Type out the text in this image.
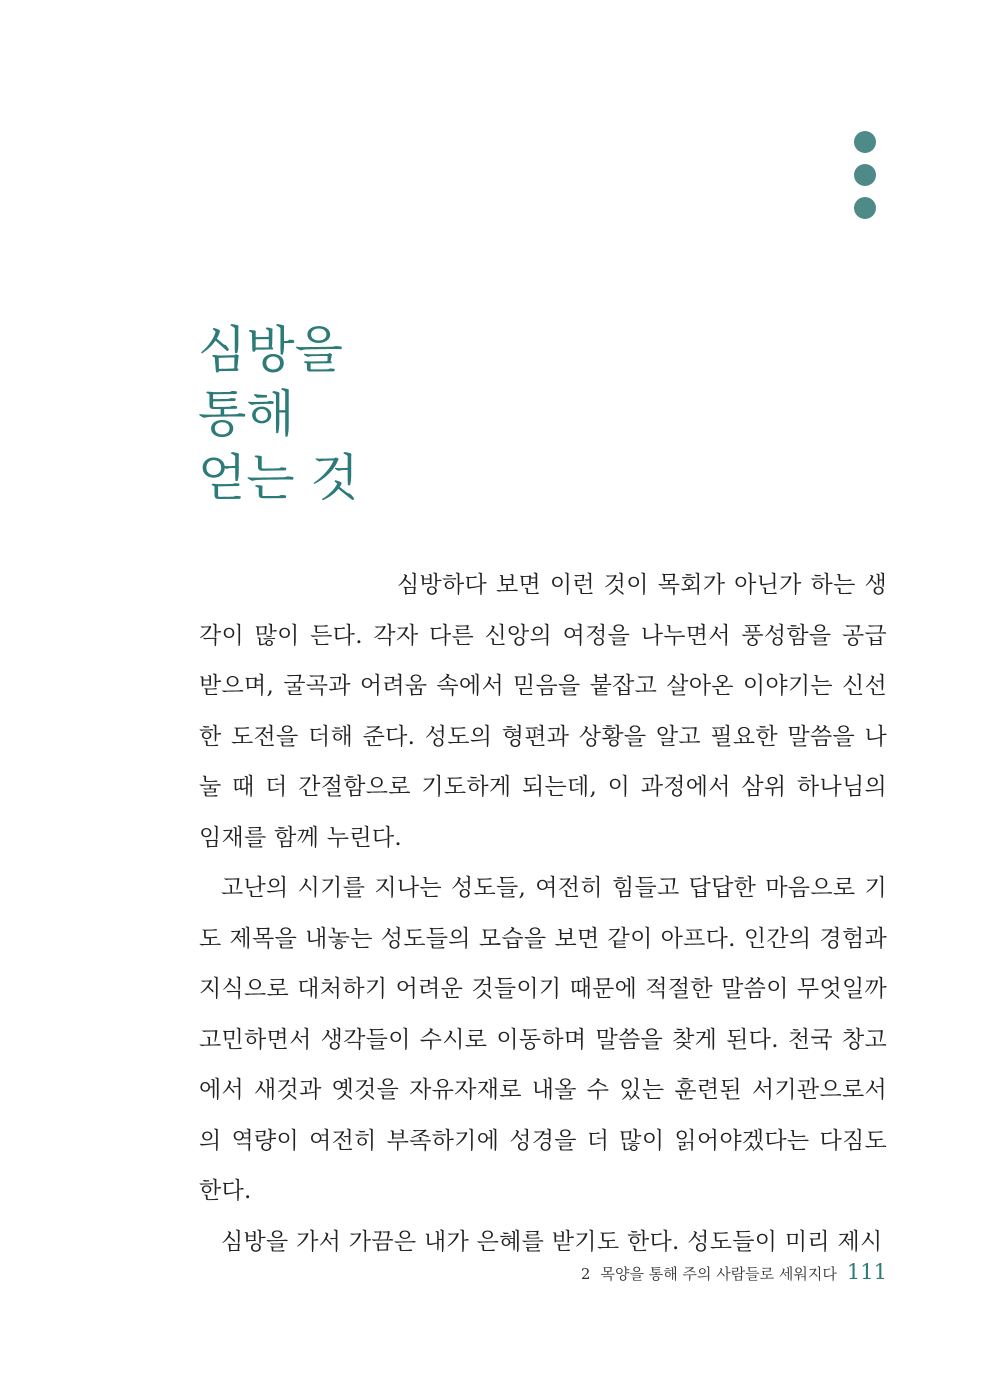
심방을
통해
얻는 것

심방하다 보면 이런 것이 목회가 아닌가 하는 생각이 많이 든다. 각자 다른 신앙의 여정을 나누면서 풍성함을 공급 받으며, 굴곡과 어려움 속에서 믿음을 붙잡고 살아온 이야기는 신선한 도전을 더해 준다. 성도의 형편과 상황을 알고 필요한 말씀을 나눌 때 더 간절함으로 기도하게 되는데, 이 과정에서 삼위 하나님의 임재를 함께 누린다.

고난의 시기를 지나는 성도들, 여전히 힘들고 답답한 마음으로 기도 제목을 내놓는 성도들의 모습을 보면 같이 아프다. 인간의 경험과 지식으로 대처하기 어려운 것들이기 때문에 적절한 말씀이 무엇일까 고민하면서 생각들이 수시로 이동하며 말씀을 찾게 된다. 천국 창고에서 새것과 옛것을 자유자재로 내올 수 있는 훈련된 서기관으로서의 역량이 여전히 부족하기에 성경을 더 많이 읽어야겠다는 다짐도 한다.

심방을 가서 가끔은 내가 은혜를 받기도 한다. 성도들이 미리 제시

2 목양을 통해 주의 사람들로 세워지다 111
